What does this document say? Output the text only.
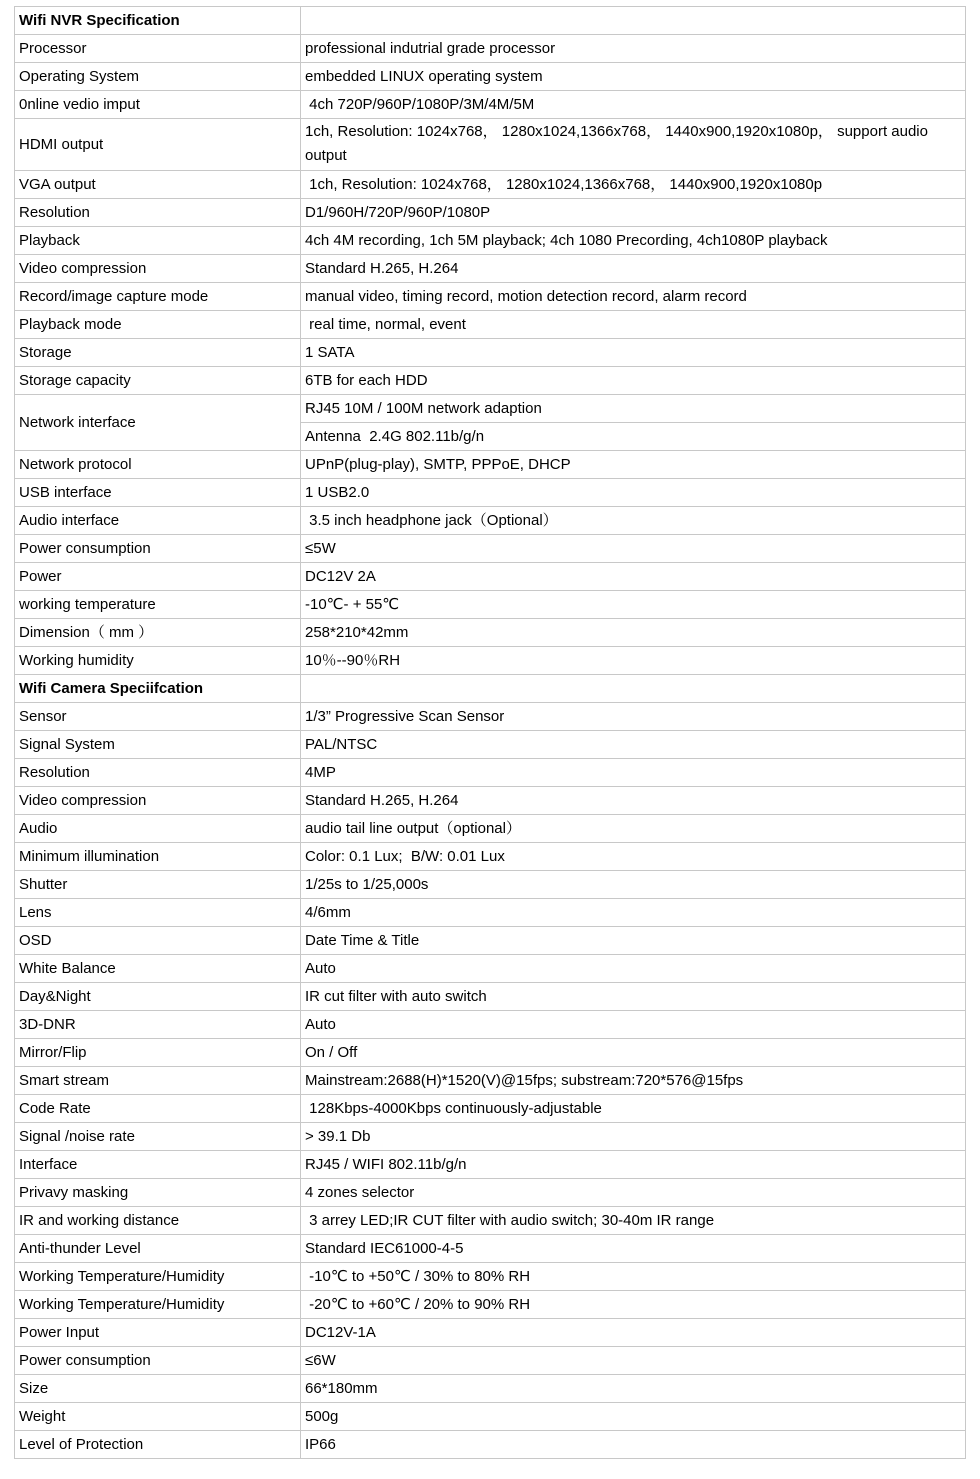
Wifi NVR Specification	
Processor	professional indutrial grade processor
Operating System	embedded LINUX operating system
0nline vedio imput	4ch 720P/960P/1080P/3M/4M/5M
HDMI output	1ch, Resolution: 1024x768， 1280x1024,1366x768， 1440x900,1920x1080p， support audio output
VGA output	1ch, Resolution: 1024x768， 1280x1024,1366x768， 1440x900,1920x1080p
Resolution	D1/960H/720P/960P/1080P
Playback	4ch 4M recording, 1ch 5M playback; 4ch 1080 Precording, 4ch1080P playback
Video compression	Standard H.265, H.264
Record/image capture mode	manual video, timing record, motion detection record, alarm record
Playback mode	real time, normal, event
Storage	1 SATA
Storage capacity	6TB for each HDD
Network interface	RJ45 10M / 100M network adaption
	Antenna  2.4G 802.11b/g/n
Network protocol	UPnP(plug-play), SMTP, PPPoE, DHCP
USB interface	1 USB2.0
Audio interface	3.5 inch headphone jack（Optional）
Power consumption	≤5W
Power	DC12V 2A
working temperature	-10℃- + 55℃
Dimension（ mm ）	258*210*42mm
Working humidity	10％--90％RH
Wifi Camera Speciifcation	
Sensor	1/3” Progressive Scan Sensor
Signal System	PAL/NTSC
Resolution	4MP
Video compression	Standard H.265, H.264
Audio	audio tail line output（optional）
Minimum illumination	Color: 0.1 Lux;  B/W: 0.01 Lux
Shutter	1/25s to 1/25,000s
Lens	4/6mm
OSD	Date Time & Title
White Balance	Auto
Day&Night	IR cut filter with auto switch
3D-DNR	Auto
Mirror/Flip	On / Off
Smart stream	Mainstream:2688(H)*1520(V)@15fps; substream:720*576@15fps
Code Rate	128Kbps-4000Kbps continuously-adjustable
Signal /noise rate	> 39.1 Db
Interface	RJ45 / WIFI 802.11b/g/n
Privavy masking	4 zones selector
IR and working distance	3 arrey LED;IR CUT filter with audio switch; 30-40m IR range
Anti-thunder Level	Standard IEC61000-4-5
Working Temperature/Humidity	-10℃ to +50℃ / 30% to 80% RH
Working Temperature/Humidity	-20℃ to +60℃ / 20% to 90% RH
Power Input	DC12V-1A
Power consumption	≤6W
Size	66*180mm
Weight	500g
Level of Protection	IP66
